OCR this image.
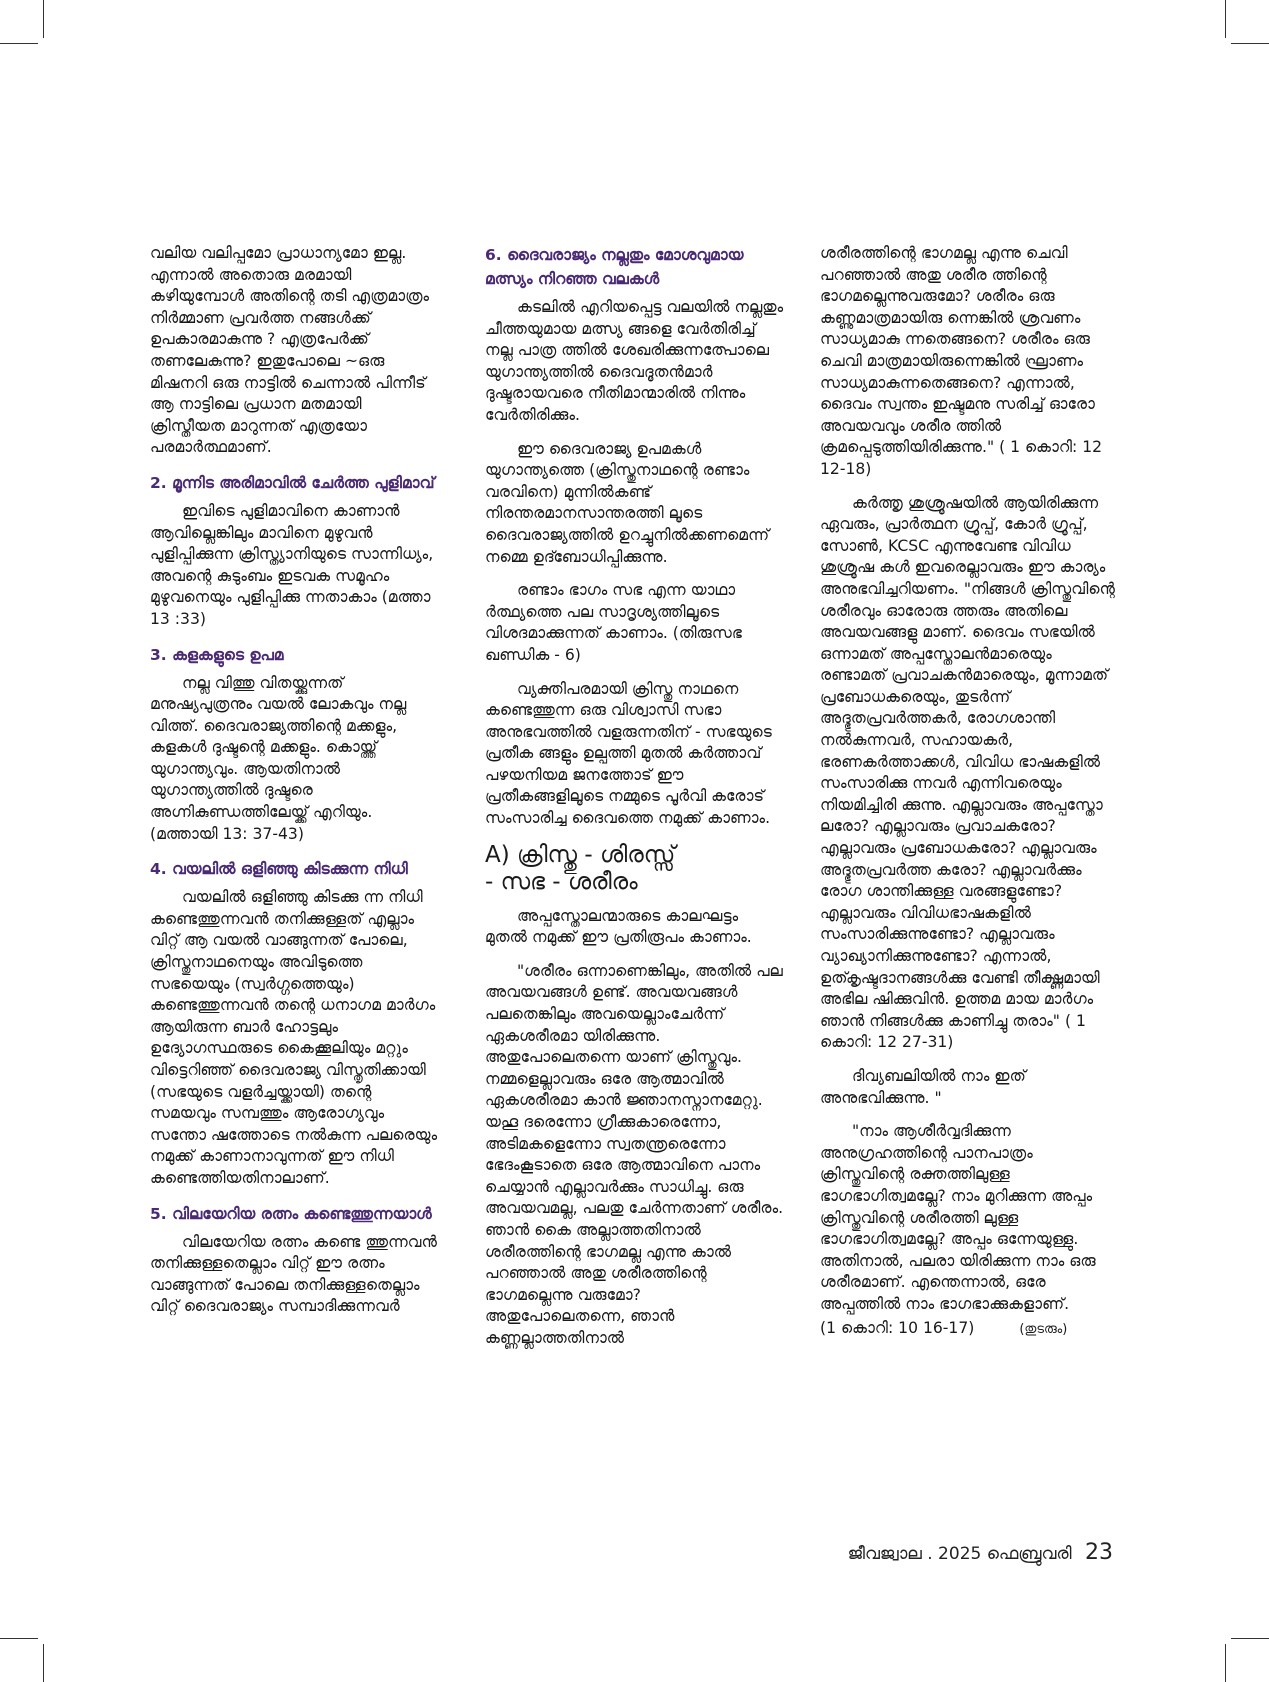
വലിയ വലിപ്പമോ പ്രാധാന്യമോ ഇല്ല. എന്നാൽ അതൊരു മരമായി കഴിയുമ്പോൾ അതിന്റെ തടി എത്രമാത്രം നിർമ്മാണ പ്രവർത്ത നങ്ങൾക്ക് ഉപകാരമാകുന്നു ? എത്രപേർക്ക് തണലേകുന്നു? ഇതുപോലെ ~ഒരു മിഷനറി ഒരു നാട്ടിൽ ചെന്നാൽ പിന്നീട് ആ നാട്ടിലെ പ്രധാന മതമായി ക്രിസ്തീയത മാറുന്നത് എത്രയോ പരമാർത്ഥമാണ്.

2. മൂന്നിട അരിമാവിൽ ചേർത്ത പുളിമാവ്

ഇവിടെ പുളിമാവിനെ കാണാൻ ആവില്ലെങ്കിലും മാവിനെ മുഴുവൻ പുളിപ്പിക്കുന്ന ക്രിസ്ത്യാനിയുടെ സാന്നിധ്യം, അവന്റെ കുടുംബം ഇടവക സമൂഹം മുഴുവനെയും പുളിപ്പിക്കു ന്നതാകാം (മത്താ 13 :33)

3. കളകളുടെ ഉപമ

നല്ല വിത്തു വിതയ്ക്കുന്നത് മനുഷ്യപുത്രനും വയൽ ലോകവും നല്ല വിത്ത്. ദൈവരാജ്യത്തിന്റെ മക്കളും, കളകൾ ദുഷ്ടന്റെ മക്കളും. കൊയ്ത്ത് യുഗാന്ത്യവും. ആയതിനാൽ യുഗാന്ത്യത്തിൽ ദുഷ്ടരെ അഗ്നികുണ്ഡത്തിലേയ്ക്ക് എറിയും. (മത്തായി 13: 37-43)

4. വയലിൽ ഒളിഞ്ഞു കിടക്കുന്ന നിധി

വയലിൽ ഒളിഞ്ഞു കിടക്കു ന്ന നിധി കണ്ടെത്തുന്നവൻ തനിക്കുള്ളത് എല്ലാം വിറ്റ് ആ വയൽ വാങ്ങുന്നത് പോലെ, ക്രിസ്തുനാഥനെയും അവിടുത്തെ സഭയെയും (സ്വർഗ്ഗത്തെയും) കണ്ടെത്തുന്നവൻ തന്റെ ധനാഗമ മാർഗം ആയിരുന്ന ബാർ ഹോട്ടലും ഉദ്യോഗസ്ഥരുടെ കൈക്കൂലിയും മറ്റും വിട്ടെറിഞ്ഞ് ദൈവരാജ്യ വിസ്തൃതിക്കായി (സഭയുടെ വളർച്ചയ്ക്കായി) തന്റെ സമയവും സമ്പത്തും ആരോഗ്യവും സന്തോ ഷത്തോടെ നൽകുന്ന പലരെയും നമുക്ക് കാണാനാവുന്നത് ഈ നിധി കണ്ടെത്തിയതിനാലാണ്.

5. വിലയേറിയ രത്നം കണ്ടെത്തുന്നയാൾ

വിലയേറിയ രത്നം കണ്ടെ ത്തുന്നവൻ തനിക്കുള്ളതെല്ലാം വിറ്റ് ഈ രത്നം വാങ്ങുന്നത് പോലെ തനിക്കുള്ളതെല്ലാം വിറ്റ് ദൈവരാജ്യം സമ്പാദിക്കുന്നവർ

6. ദൈവരാജ്യം നല്ലതും മോശവുമായ മത്സ്യം നിറഞ്ഞ വലകൾ

കടലിൽ എറിയപ്പെട്ട വലയിൽ നല്ലതും ചീത്തയുമായ മത്സ്യ ങ്ങളെ വേർതിരിച്ച് നല്ല പാത്ര ത്തിൽ ശേഖരിക്കുന്നത്പോലെ യുഗാന്ത്യത്തിൽ ദൈവദൂതൻമാർ ദുഷ്ടരായവരെ നീതിമാന്മാരിൽ നിന്നും വേർതിരിക്കും.

ഈ ദൈവരാജ്യ ഉപമകൾ യുഗാന്ത്യത്തെ (ക്രിസ്തുനാഥന്റെ രണ്ടാം വരവിനെ) മുന്നിൽകണ്ട് നിരന്തരമാനസാന്തരത്തി ലൂടെ ദൈവരാജ്യത്തിൽ ഉറച്ചുനിൽക്കണമെന്ന് നമ്മെ ഉദ്ബോധിപ്പിക്കുന്നു.

രണ്ടാം ഭാഗം സഭ എന്ന യാഥാ ർത്ഥ്യത്തെ പല സാദൃശ്യത്തിലൂടെ വിശദമാക്കുന്നത് കാണാം. (തിരുസഭ ഖണ്ഡിക - 6)

വ്യക്തിപരമായി ക്രിസ്തു നാഥനെ കണ്ടെത്തുന്ന ഒരു വിശ്വാസി സഭാ അനുഭവത്തിൽ വളരുന്നതിന് - സഭയുടെ പ്രതീക ങ്ങളും ഉല്പത്തി മുതൽ കർത്താവ് പഴയനിയമ ജനത്തോട് ഈ പ്രതീകങ്ങളിലൂടെ നമ്മുടെ പൂർവി കരോട് സംസാരിച്ച ദൈവത്തെ നമുക്ക് കാണാം.

A) ക്രിസ്തു - ശിരസ്സ്
- സഭ - ശരീരം

അപ്പസ്തോലന്മാരുടെ കാലഘട്ടം മുതൽ നമുക്ക് ഈ പ്രതിരൂപം കാണാം.

"ശരീരം ഒന്നാണെങ്കിലും, അതിൽ പല അവയവങ്ങൾ ഉണ്ട്. അവയവങ്ങൾ പലതെങ്കിലും അവയെല്ലാംചേർന്ന് ഏകശരീരമാ യിരിക്കുന്നു. അതുപോലെതന്നെ യാണ് ക്രിസ്തുവും. നമ്മളെല്ലാവരും ഒരേ ആത്മാവിൽ ഏകശരീരമാ കാൻ ജ്ഞാനസ്നാനമേറ്റു. യഹൂ ദരെന്നോ ഗ്രീക്കുകാരെന്നോ, അടിമകളെന്നോ സ്വതന്ത്രരെന്നോ ഭേദംകൂടാതെ ഒരേ ആത്മാവിനെ പാനം ചെയ്യാൻ എല്ലാവർക്കും സാധിച്ചു. ഒരു അവയവമല്ല, പലതു ചേർന്നതാണ് ശരീരം. ഞാൻ കൈ അല്ലാത്തതിനാൽ ശരീരത്തിന്റെ ഭാഗമല്ല എന്നു കാൽ പറഞ്ഞാൽ അതു ശരീരത്തിന്റെ ഭാഗമല്ലെന്നു വരുമോ? അതുപോലെതന്നെ, ഞാൻ കണ്ണല്ലാത്തതിനാൽ

ശരീരത്തിന്റെ ഭാഗമല്ല എന്നു ചെവി പറഞ്ഞാൽ അതു ശരീര ത്തിന്റെ ഭാഗമല്ലെന്നുവരുമോ? ശരീരം ഒരു കണ്ണുമാത്രമായിരു ന്നെങ്കിൽ ശ്രവണം സാധ്യമാകു ന്നതെങ്ങനെ? ശരീരം ഒരു ചെവി മാത്രമായിരുന്നെങ്കിൽ ഘ്രാണം സാധ്യമാകുന്നതെങ്ങനെ? എന്നാൽ, ദൈവം സ്വന്തം ഇഷ്ടമനു സരിച്ച് ഓരോ അവയവവും ശരീര ത്തിൽ ക്രമപ്പെടുത്തിയിരിക്കുന്നു." ( 1 കൊറി: 12 12-18)

കർത്തൃ ശുശ്രൂഷയിൽ ആയിരിക്കുന്ന ഏവരും, പ്രാർത്ഥന ഗ്രൂപ്പ്, കോർ ഗ്രൂപ്പ്, സോൺ, KCSC എന്നുവേണ്ട വിവിധ ശുശ്രൂഷ കൾ ഇവരെല്ലാവരും ഈ കാര്യം അനുഭവിച്ചറിയണം. "നിങ്ങൾ ക്രിസ്തുവിന്റെ ശരീരവും ഓരോരു ത്തരും അതിലെ അവയവങ്ങളു മാണ്. ദൈവം സഭയിൽ ഒന്നാമത് അപ്പസ്തോലൻമാരെയും രണ്ടാമത് പ്രവാചകൻമാരെയും, മൂന്നാമത് പ്രബോധകരെയും, തുടർന്ന് അദ്ഭുതപ്രവർത്തകർ, രോഗശാന്തി നൽകുന്നവർ, സഹായകർ, ഭരണകർത്താക്കൾ, വിവിധ ഭാഷകളിൽ സംസാരിക്കു ന്നവർ എന്നിവരെയും നിയമിച്ചിരി ക്കുന്നു. എല്ലാവരും അപ്പസ്തോ ലരോ? എല്ലാവരും പ്രവാചകരോ? എല്ലാവരും പ്രബോധകരോ? എല്ലാവരും അദ്ഭുതപ്രവർത്ത കരോ? എല്ലാവർക്കും രോഗ ശാന്തിക്കുള്ള വരങ്ങളുണ്ടോ? എല്ലാവരും വിവിധഭാഷകളിൽ സംസാരിക്കുന്നുണ്ടോ? എല്ലാവരും വ്യാഖ്യാനിക്കുന്നുണ്ടോ? എന്നാൽ, ഉത്കൃഷ്ടദാനങ്ങൾക്കു വേണ്ടി തീക്ഷ്ണമായി അഭില ഷിക്കുവിൻ. ഉത്തമ മായ മാർഗം ഞാൻ നിങ്ങൾക്കു കാണിച്ചു തരാം" ( 1 കൊറി: 12 27-31)

ദിവ്യബലിയിൽ നാം ഇത് അനുഭവിക്കുന്നു. "

"നാം ആശീർവ്വദിക്കുന്ന അനുഗ്രഹത്തിന്റെ പാനപാത്രം ക്രിസ്തുവിന്റെ രക്തത്തിലുള്ള ഭാഗഭാഗിത്വമല്ലേ? നാം മുറിക്കുന്ന അപ്പം ക്രിസ്തുവിന്റെ ശരീരത്തി ലുള്ള ഭാഗഭാഗിത്വമല്ലേ? അപ്പം ഒന്നേയുള്ളു. അതിനാൽ, പലരാ യിരിക്കുന്ന നാം ഒരു ശരീരമാണ്. എന്തെന്നാൽ, ഒരേ അപ്പത്തിൽ നാം ഭാഗഭാക്കുകളാണ്.

(1 കൊറി: 10 16-17)	(തുടരും)

ജീവജ്വാല . 2025 ഫെബ്രുവരി 23
